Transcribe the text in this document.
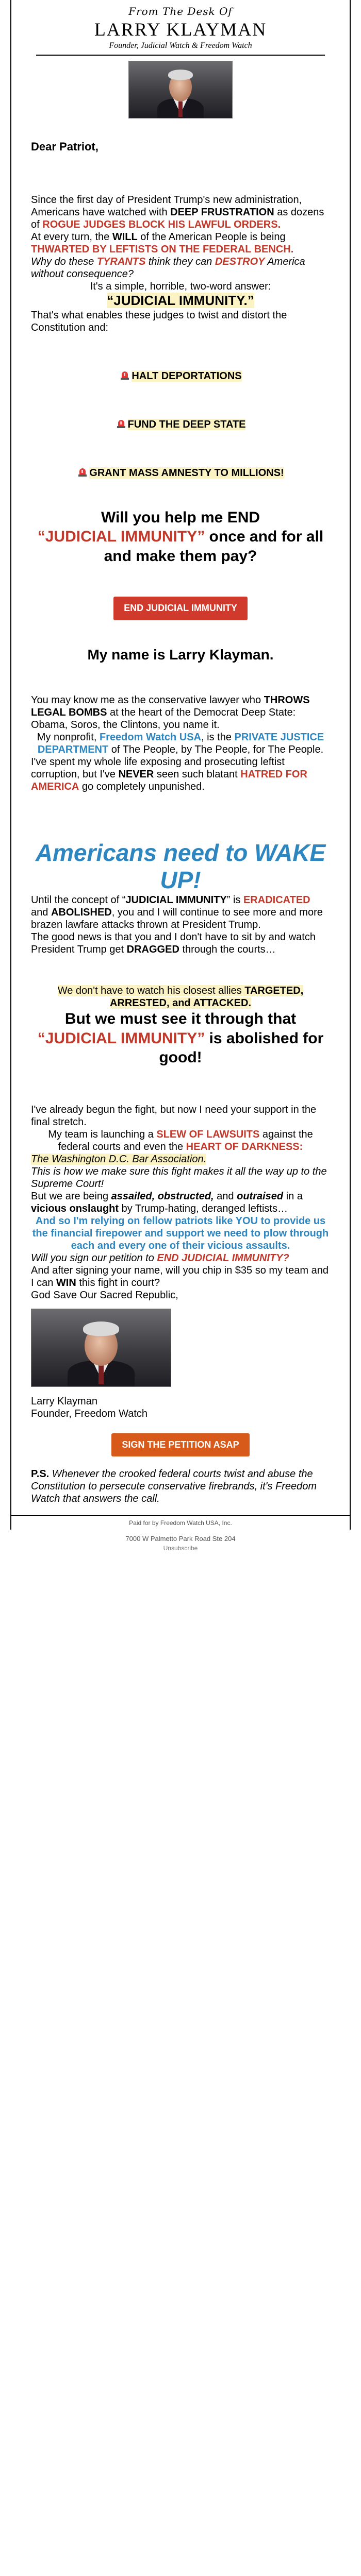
From The Desk Of
LARRY KLAYMAN
Founder, Judicial Watch & Freedom Watch

Dear Patriot,

Since the first day of President Trump's new administration, Americans have watched with DEEP FRUSTRATION as dozens of ROGUE JUDGES BLOCK HIS LAWFUL ORDERS.

At every turn, the WILL of the American People is being THWARTED BY LEFTISTS ON THE FEDERAL BENCH.

Why do these TYRANTS think they can DESTROY America without consequence?

It's a simple, horrible, two-word answer:

“JUDICIAL IMMUNITY.”

That's what enables these judges to twist and distort the Constitution and:

HALT DEPORTATIONS
FUND THE DEEP STATE
GRANT MASS AMNESTY TO MILLIONS!

Will you help me END
“JUDICIAL IMMUNITY” once and for all and make them pay?

END JUDICIAL IMMUNITY

My name is Larry Klayman.

You may know me as the conservative lawyer who THROWS LEGAL BOMBS at the heart of the Democrat Deep State: Obama, Soros, the Clintons, you name it.

My nonprofit, Freedom Watch USA, is the PRIVATE JUSTICE DEPARTMENT of The People, by The People, for The People.

I've spent my whole life exposing and prosecuting leftist corruption, but I've NEVER seen such blatant HATRED FOR AMERICA go completely unpunished.

Americans need to WAKE UP!

Until the concept of “JUDICIAL IMMUNITY” is ERADICATED and ABOLISHED, you and I will continue to see more and more brazen lawfare attacks thrown at President Trump.

The good news is that you and I don't have to sit by and watch President Trump get DRAGGED through the courts…

We don't have to watch his closest allies TARGETED, ARRESTED, and ATTACKED.

But we must see it through that “JUDICIAL IMMUNITY” is abolished for good!

I've already begun the fight, but now I need your support in the final stretch.

My team is launching a SLEW OF LAWSUITS against the federal courts and even the HEART OF DARKNESS:

The Washington D.C. Bar Association.

This is how we make sure this fight makes it all the way up to the Supreme Court!

But we are being assailed, obstructed, and outraised in a vicious onslaught by Trump-hating, deranged leftists…

And so I'm relying on fellow patriots like YOU to provide us the financial firepower and support we need to plow through each and every one of their vicious assaults.

Will you sign our petition to END JUDICIAL IMMUNITY?

And after signing your name, will you chip in $35 so my team and I can WIN this fight in court?

God Save Our Sacred Republic,

Larry Klayman

Founder, Freedom Watch

SIGN THE PETITION ASAP

P.S. Whenever the crooked federal courts twist and abuse the Constitution to persecute conservative firebrands, it's Freedom Watch that answers the call.

Paid for by Freedom Watch USA, Inc.
7000 W Palmetto Park Road Ste 204
Unsubscribe
